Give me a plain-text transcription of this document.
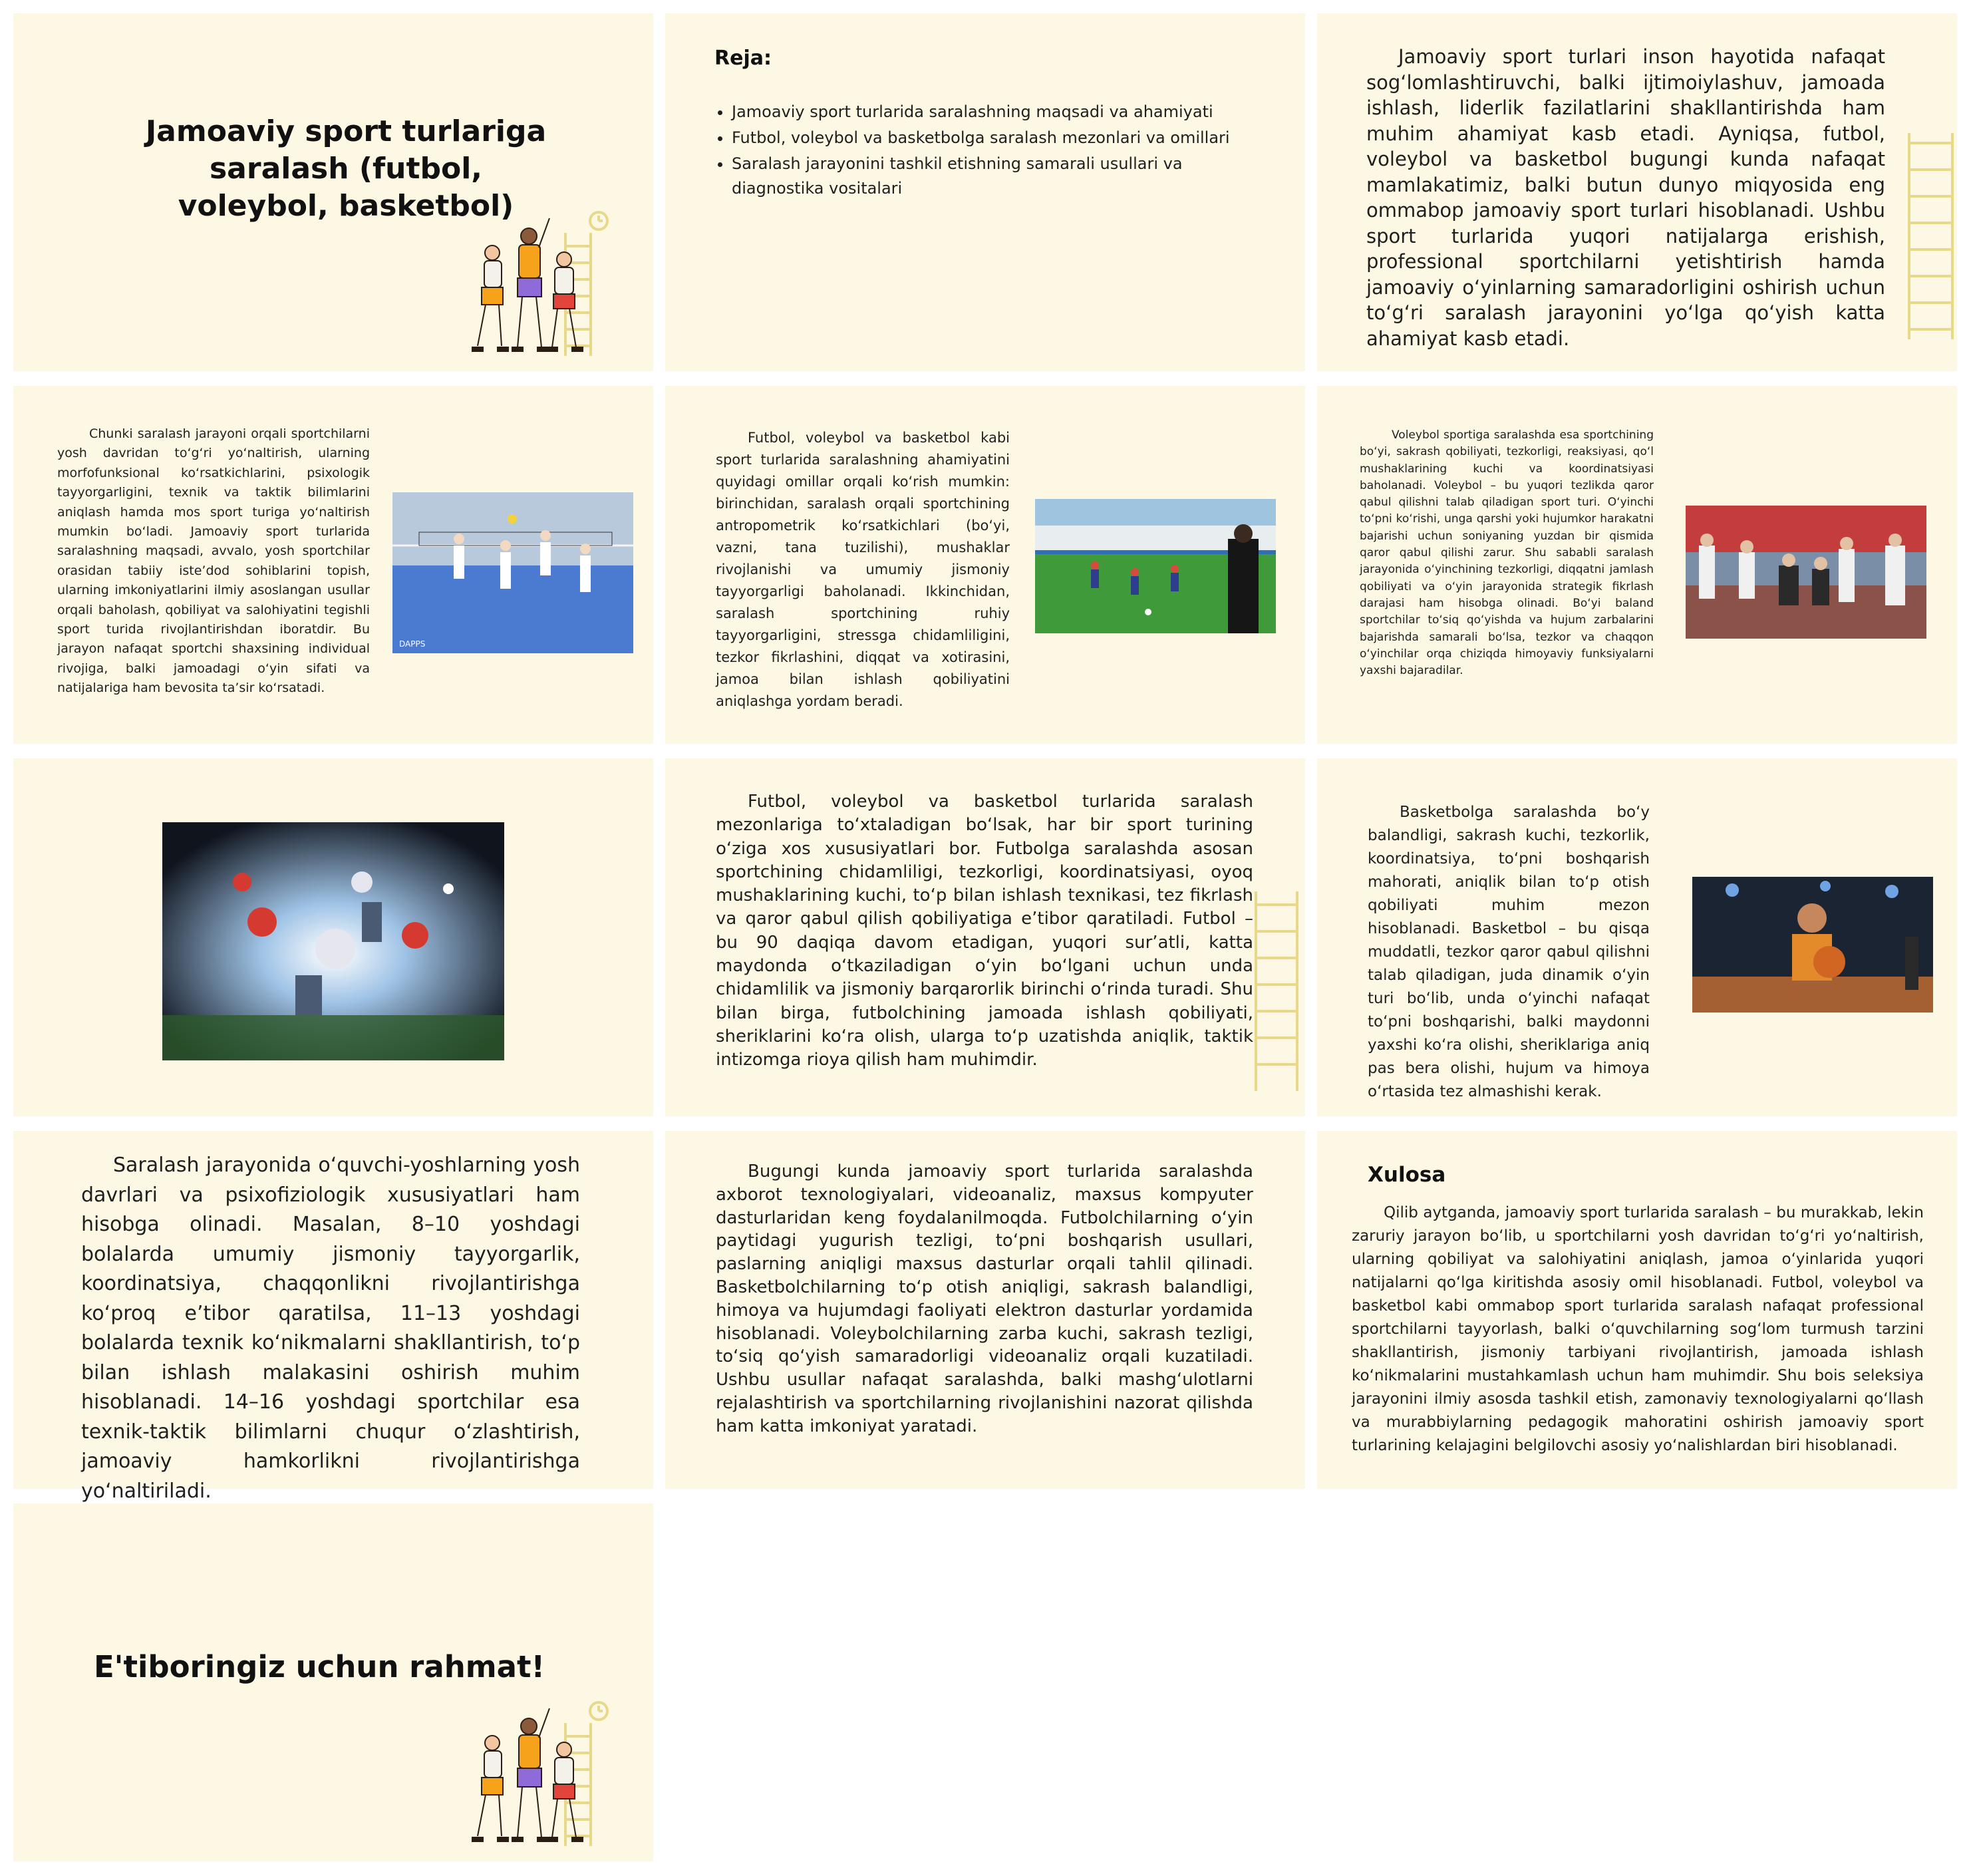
Jamoaviy sport turlariga saralash (futbol, voleybol, basketbol)
Reja:
• Jamoaviy sport turlarida saralashning maqsadi va ahamiyati
• Futbol, voleybol va basketbolga saralash mezonlari va omillari
• Saralash jarayonini tashkil etishning samarali usullari va diagnostika vositalari

Jamoaviy sport turlari inson hayotida nafaqat sog‘lomlashtiruvchi, balki ijtimoiylashuv, jamoada ishlash, liderlik fazilatlarini shakllantirishda ham muhim ahamiyat kasb etadi. Ayniqsa, futbol, voleybol va basketbol bugungi kunda nafaqat mamlakatimiz, balki butun dunyo miqyosida eng ommabop jamoaviy sport turlari hisoblanadi. Ushbu sport turlarida yuqori natijalarga erishish, professional sportchilarni yetishtirish hamda jamoaviy o‘yinlarning samaradorligini oshirish uchun to‘g‘ri saralash jarayonini yo‘lga qo‘yish katta ahamiyat kasb etadi.

Chunki saralash jarayoni orqali sportchilarni yosh davridan to‘g‘ri yo‘naltirish, ularning morfofunksional ko‘rsatkichlarini, psixologik tayyorgarligini, texnik va taktik bilimlarini aniqlash hamda mos sport turiga yo‘naltirish mumkin bo‘ladi. Jamoaviy sport turlarida saralashning maqsadi, avvalo, yosh sportchilar orasidan tabiiy iste’dod sohiblarini topish, ularning imkoniyatlarini ilmiy asoslangan usullar orqali baholash, qobiliyat va salohiyatini tegishli sport turida rivojlantirishdan iboratdir. Bu jarayon nafaqat sportchi shaxsining individual rivojiga, balki jamoadagi o‘yin sifati va natijalariga ham bevosita ta’sir ko‘rsatadi.

DAPPS

Futbol, voleybol va basketbol kabi sport turlarida saralashning ahamiyatini quyidagi omillar orqali ko‘rish mumkin: birinchidan, saralash orqali sportchining antropometrik ko‘rsatkichlari (bo‘yi, vazni, tana tuzilishi), mushaklar rivojlanishi va umumiy jismoniy tayyorgarligi baholanadi. Ikkinchidan, saralash sportchining ruhiy tayyorgarligini, stressga chidamliligini, tezkor fikrlashini, diqqat va xotirasini, jamoa bilan ishlash qobiliyatini aniqlashga yordam beradi.

Voleybol sportiga saralashda esa sportchining bo‘yi, sakrash qobiliyati, tezkorligi, reaksiyasi, qo‘l mushaklarining kuchi va koordinatsiyasi baholanadi. Voleybol – bu yuqori tezlikda qaror qabul qilishni talab qiladigan sport turi. O‘yinchi to‘pni ko‘rishi, unga qarshi yoki hujumkor harakatni bajarishi uchun soniyaning yuzdan bir qismida qaror qabul qilishi zarur. Shu sababli saralash jarayonida o‘yinchining tezkorligi, diqqatni jamlash qobiliyati va o‘yin jarayonida strategik fikrlash darajasi ham hisobga olinadi. Bo‘yi baland sportchilar to‘siq qo‘yishda va hujum zarbalarini bajarishda samarali bo‘lsa, tezkor va chaqqon o‘yinchilar orqa chiziqda himoyaviy funksiyalarni yaxshi bajaradilar.

Futbol, voleybol va basketbol turlarida saralash mezonlariga to‘xtaladigan bo‘lsak, har bir sport turining o‘ziga xos xususiyatlari bor. Futbolga saralashda asosan sportchining chidamliligi, tezkorligi, koordinatsiyasi, oyoq mushaklarining kuchi, to‘p bilan ishlash texnikasi, tez fikrlash va qaror qabul qilish qobiliyatiga e’tibor qaratiladi. Futbol – bu 90 daqiqa davom etadigan, yuqori sur’atli, katta maydonda o‘tkaziladigan o‘yin bo‘lgani uchun unda chidamlilik va jismoniy barqarorlik birinchi o‘rinda turadi. Shu bilan birga, futbolchining jamoada ishlash qobiliyati, sheriklarini ko‘ra olish, ularga to‘p uzatishda aniqlik, taktik intizomga rioya qilish ham muhimdir.

Basketbolga saralashda bo‘y balandligi, sakrash kuchi, tezkorlik, koordinatsiya, to‘pni boshqarish mahorati, aniqlik bilan to‘p otish qobiliyati muhim mezon hisoblanadi. Basketbol – bu qisqa muddatli, tezkor qaror qabul qilishni talab qiladigan, juda dinamik o‘yin turi bo‘lib, unda o‘yinchi nafaqat to‘pni boshqarishi, balki maydonni yaxshi ko‘ra olishi, sheriklariga aniq pas bera olishi, hujum va himoya o‘rtasida tez almashishi kerak.

Saralash jarayonida o‘quvchi-yoshlarning yosh davrlari va psixofiziologik xususiyatlari ham hisobga olinadi. Masalan, 8–10 yoshdagi bolalarda umumiy jismoniy tayyorgarlik, koordinatsiya, chaqqonlikni rivojlantirishga ko‘proq e’tibor qaratilsa, 11–13 yoshdagi bolalarda texnik ko‘nikmalarni shakllantirish, to‘p bilan ishlash malakasini oshirish muhim hisoblanadi. 14–16 yoshdagi sportchilar esa texnik-taktik bilimlarni chuqur o‘zlashtirish, jamoaviy hamkorlikni rivojlantirishga yo‘naltiriladi.

Bugungi kunda jamoaviy sport turlarida saralashda axborot texnologiyalari, videoanaliz, maxsus kompyuter dasturlaridan keng foydalanilmoqda. Futbolchilarning o‘yin paytidagi yugurish tezligi, to‘pni boshqarish usullari, paslarning aniqligi maxsus dasturlar orqali tahlil qilinadi. Basketbolchilarning to‘p otish aniqligi, sakrash balandligi, himoya va hujumdagi faoliyati elektron dasturlar yordamida hisoblanadi. Voleybolchilarning zarba kuchi, sakrash tezligi, to‘siq qo‘yish samaradorligi videoanaliz orqali kuzatiladi. Ushbu usullar nafaqat saralashda, balki mashg‘ulotlarni rejalashtirish va sportchilarning rivojlanishini nazorat qilishda ham katta imkoniyat yaratadi.

Xulosa

Qilib aytganda, jamoaviy sport turlarida saralash – bu murakkab, lekin zaruriy jarayon bo‘lib, u sportchilarni yosh davridan to‘g‘ri yo‘naltirish, ularning qobiliyat va salohiyatini aniqlash, jamoa o‘yinlarida yuqori natijalarni qo‘lga kiritishda asosiy omil hisoblanadi. Futbol, voleybol va basketbol kabi ommabop sport turlarida saralash nafaqat professional sportchilarni tayyorlash, balki o‘quvchilarning sog‘lom turmush tarzini shakllantirish, jismoniy tarbiyani rivojlantirish, jamoada ishlash ko‘nikmalarini mustahkamlash uchun ham muhimdir. Shu bois seleksiya jarayonini ilmiy asosda tashkil etish, zamonaviy texnologiyalarni qo‘llash va murabbiylarning pedagogik mahoratini oshirish jamoaviy sport turlarining kelajagini belgilovchi asosiy yo‘nalishlardan biri hisoblanadi.

E'tiboringiz uchun rahmat!
